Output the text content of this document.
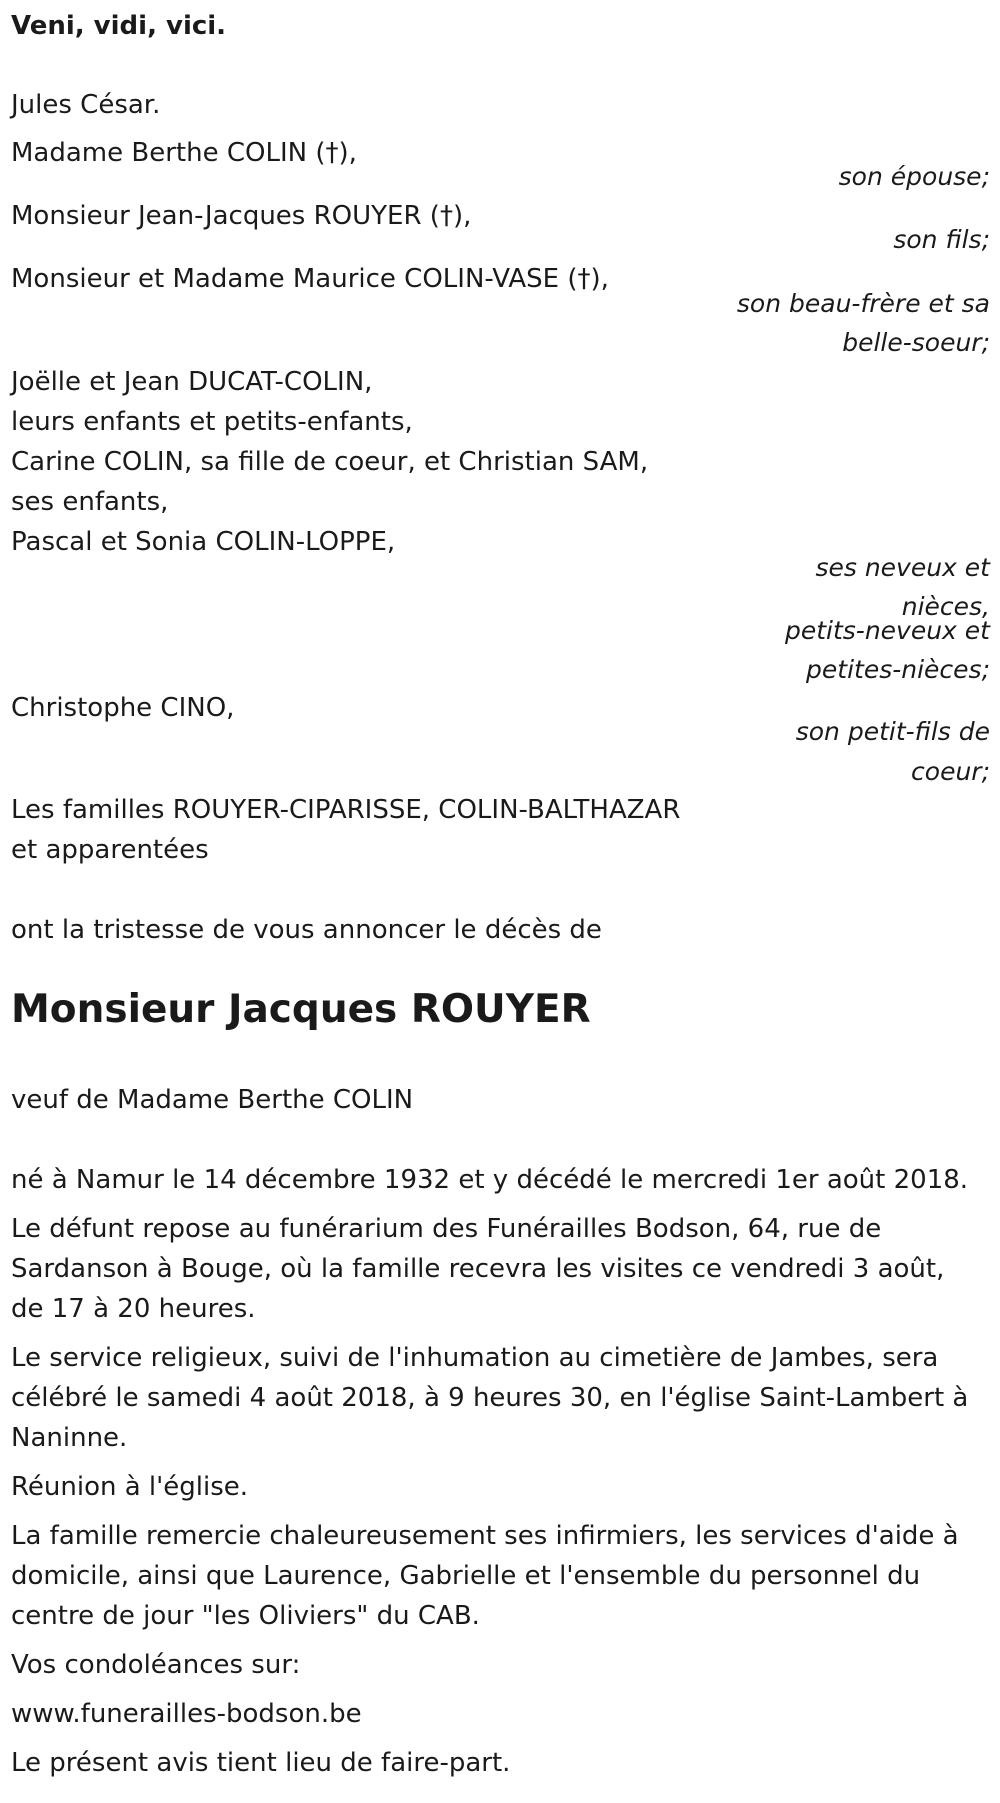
Veni, vidi, vici.
Jules César.
Madame Berthe COLIN (†),
son épouse;
Monsieur Jean-Jacques ROUYER (†),
son fils;
Monsieur et Madame Maurice COLIN-VASE (†),
son beau-frère et sa
belle-soeur;
Joëlle et Jean DUCAT-COLIN,
leurs enfants et petits-enfants,
Carine COLIN, sa fille de coeur, et Christian SAM,
ses enfants,
Pascal et Sonia COLIN-LOPPE,
ses neveux et
nièces,
petits-neveux et
petites-nièces;
Christophe CINO,
son petit-fils de
coeur;
Les familles ROUYER-CIPARISSE, COLIN-BALTHAZAR
et apparentées
ont la tristesse de vous annoncer le décès de
Monsieur Jacques ROUYER
veuf de Madame Berthe COLIN
né à Namur le 14 décembre 1932 et y décédé le mercredi 1er août 2018.
Le défunt repose au funérarium des Funérailles Bodson, 64, rue de
Sardanson à Bouge, où la famille recevra les visites ce vendredi 3 août,
de 17 à 20 heures.
Le service religieux, suivi de l'inhumation au cimetière de Jambes, sera
célébré le samedi 4 août 2018, à 9 heures 30, en l'église Saint-Lambert à
Naninne.
Réunion à l'église.
La famille remercie chaleureusement ses infirmiers, les services d'aide à
domicile, ainsi que Laurence, Gabrielle et l'ensemble du personnel du
centre de jour "les Oliviers" du CAB.
Vos condoléances sur:
www.funerailles-bodson.be
Le présent avis tient lieu de faire-part.
